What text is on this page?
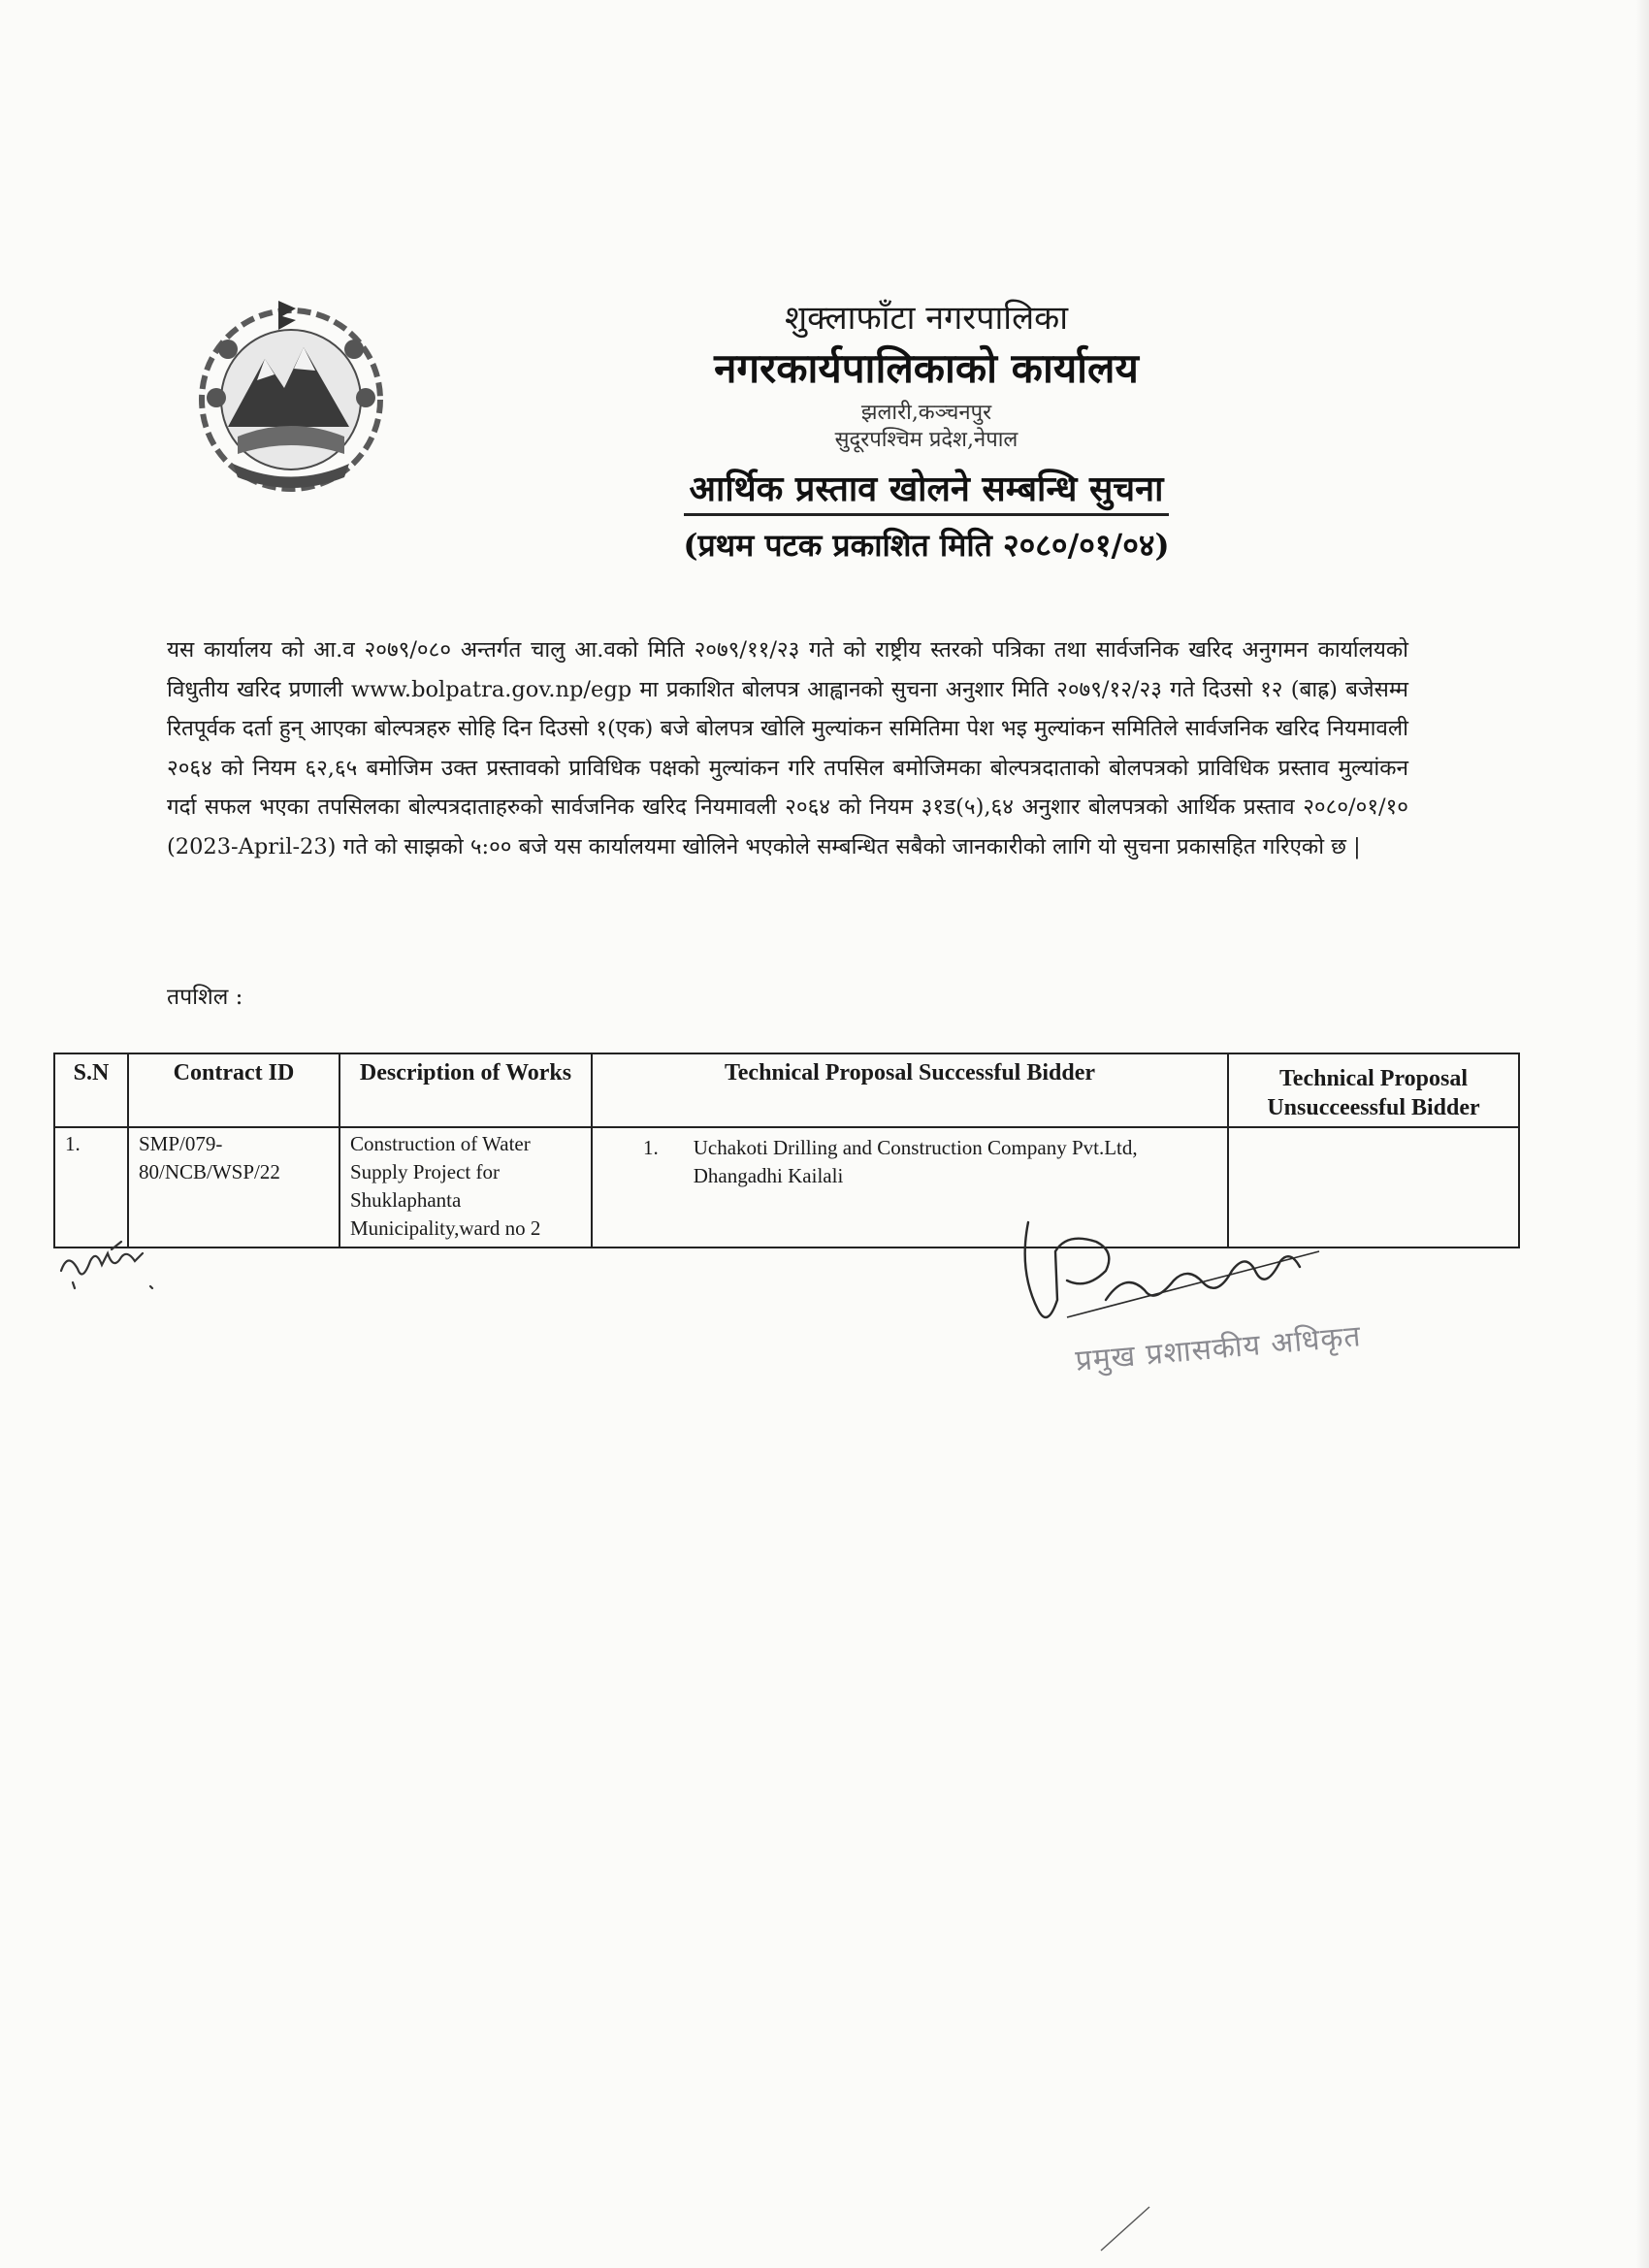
शुक्लाफाँटा नगरपालिका

नगरकार्यपालिकाको कार्यालय

झलारी,कञ्चनपुर

सुदूरपश्चिम प्रदेश,नेपाल

आर्थिक प्रस्ताव खोलने सम्बन्धि सुचना

(प्रथम पटक प्रकाशित मिति २०८०/०१/०४)

यस कार्यालय को आ.व २०७९/०८० अन्तर्गत चालु आ.वको मिति २०७९/११/२३ गते को राष्ट्रीय स्तरको पत्रिका तथा सार्वजनिक खरिद अनुगमन कार्यालयको विधुतीय खरिद प्रणाली www.bolpatra.gov.np/egp मा प्रकाशित बोलपत्र आह्वानको सुचना अनुशार मिति २०७९/१२/२३ गते दिउसो १२ (बाह्र) बजेसम्म रितपूर्वक दर्ता हुन् आएका बोल्पत्रहरु सोहि दिन दिउसो १(एक) बजे बोलपत्र खोलि मुल्यांकन समितिमा पेश भइ मुल्यांकन समितिले सार्वजनिक खरिद नियमावली २०६४ को नियम ६२,६५ बमोजिम उक्त प्रस्तावको प्राविधिक पक्षको मुल्यांकन गरि तपसिल बमोजिमका बोल्पत्रदाताको बोलपत्रको प्राविधिक प्रस्ताव मुल्यांकन गर्दा सफल भएका तपसिलका बोल्पत्रदाताहरुको सार्वजनिक खरिद नियमावली २०६४ को नियम ३१ड(५),६४ अनुशार बोलपत्रको आर्थिक प्रस्ताव २०८०/०१/१० (2023-April-23) गते को साझको ५:०० बजे यस कार्यालयमा खोलिने भएकोले सम्बन्धित सबैको जानकारीको लागि यो सुचना प्रकासहित गरिएको छ |
तपशिल :
S.N	Contract ID	Description of Works	Technical Proposal Successful Bidder	Technical Proposal Unsucceessful Bidder
1.	SMP/079-80/NCB/WSP/22	Construction of Water Supply Project for Shuklaphanta Municipality,ward no 2	1. Uchakoti Drilling and Construction Company Pvt.Ltd, Dhangadhi Kailali	

प्रमुख प्रशासकीय अधिकृत
